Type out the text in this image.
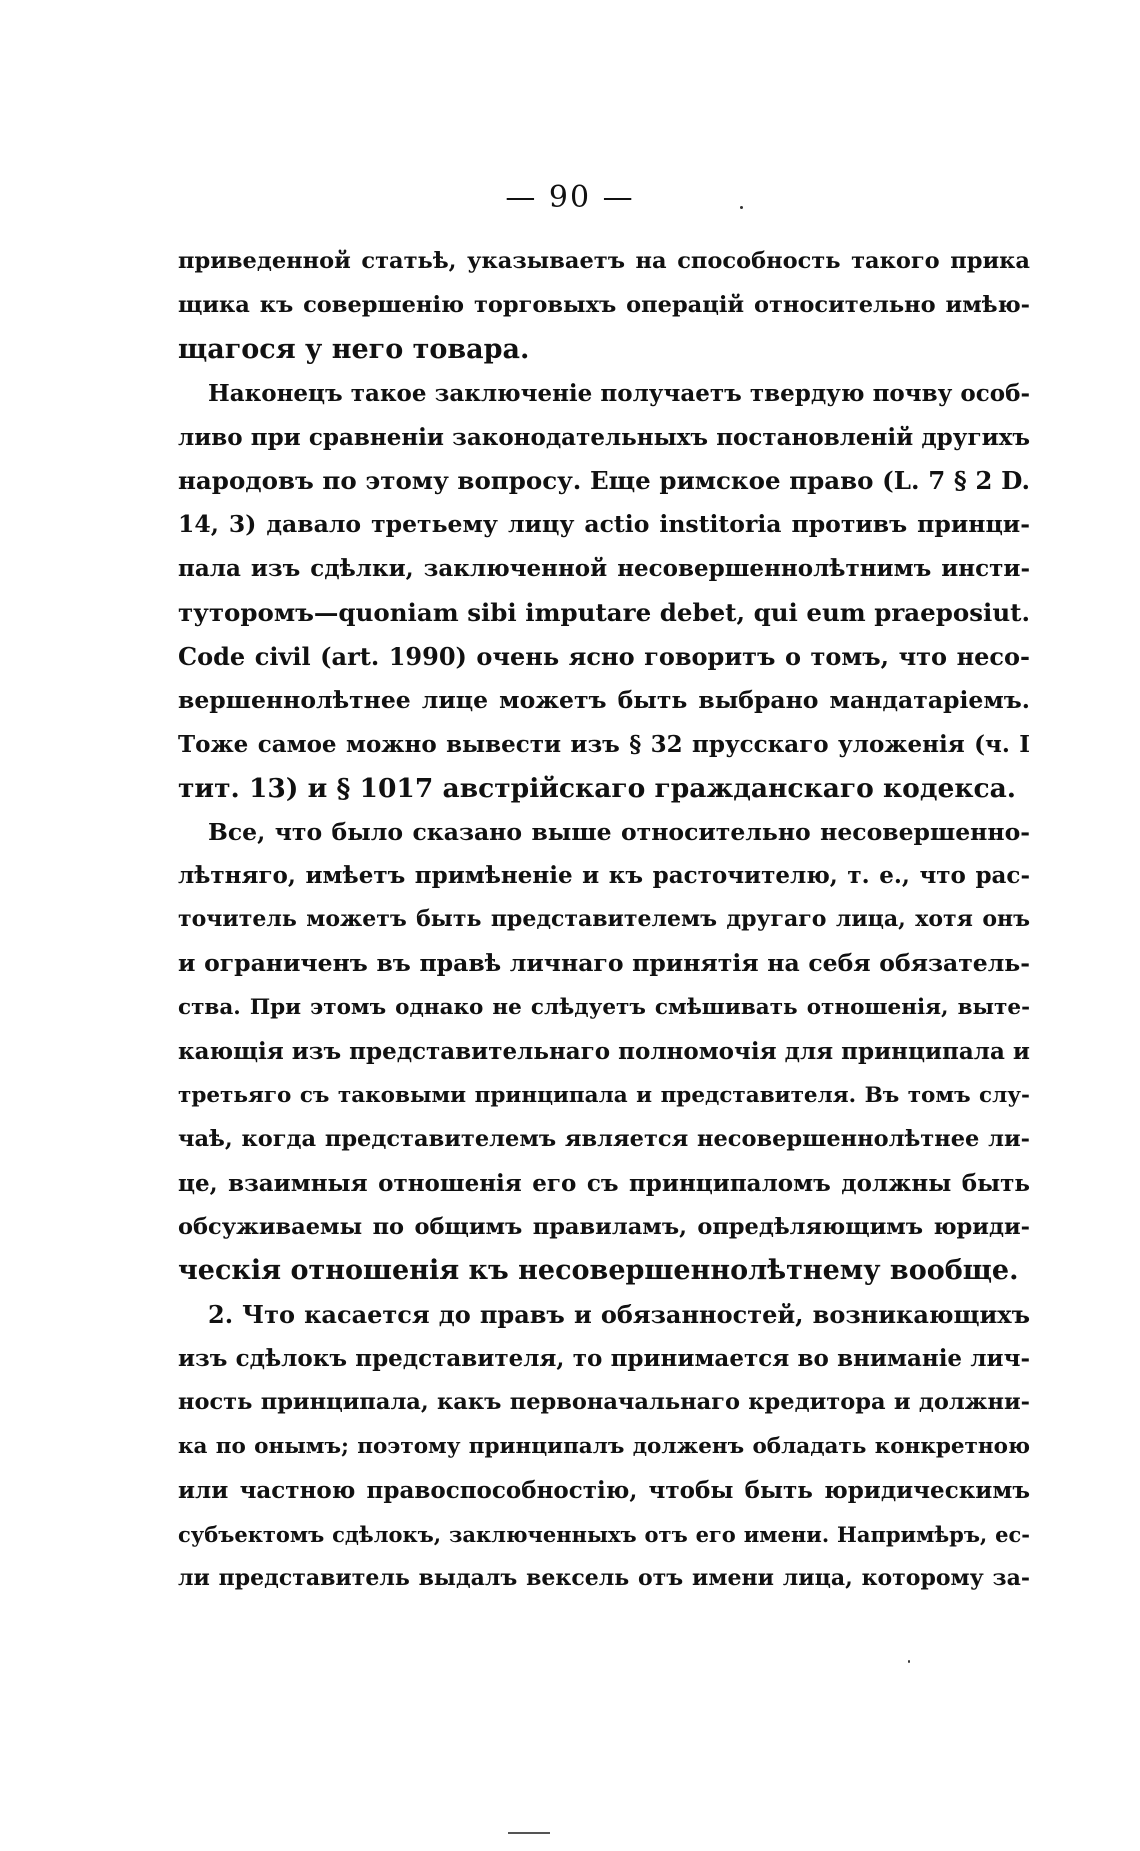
— 90 —
приведенной статьѣ, указываетъ на способность такого прика
щика къ совершенію торговыхъ операцій относительно имѣю-
щагося у него товара.
Наконецъ такое заключеніе получаетъ твердую почву особ-
ливо при сравненіи законодательныхъ постановленій другихъ
народовъ по этому вопросу. Еще римское право (L. 7 § 2 D.
14, 3) давало третьему лицу actio institoria противъ принци-
пала изъ сдѣлки, заключенной несовершеннолѣтнимъ инсти-
туторомъ—quoniam sibi imputare debet, qui eum praeposiut.
Code civil (art. 1990) очень ясно говоритъ о томъ, что несо-
вершеннолѣтнее лице можетъ быть выбрано мандатаріемъ.
Тоже самое можно вывести изъ § 32 прусскаго уложенія (ч. I
тит. 13) и § 1017 австрійскаго гражданскаго кодекса.
Все, что было сказано выше относительно несовершенно-
лѣтняго, имѣетъ примѣненіе и къ расточителю, т. е., что рас-
точитель можетъ быть представителемъ другаго лица, хотя онъ
и ограниченъ въ правѣ личнаго принятія на себя обязатель-
ства. При этомъ однако не слѣдуетъ смѣшивать отношенія, выте-
кающія изъ представительнаго полномочія для принципала и
третьяго съ таковыми принципала и представителя. Въ томъ слу-
чаѣ, когда представителемъ является несовершеннолѣтнее ли-
це, взаимныя отношенія его съ принципаломъ должны быть
обсуживаемы по общимъ правиламъ, опредѣляющимъ юриди-
ческія отношенія къ несовершеннолѣтнему вообще.
2. Что касается до правъ и обязанностей, возникающихъ
изъ сдѣлокъ представителя, то принимается во вниманіе лич-
ность принципала, какъ первоначальнаго кредитора и должни-
ка по онымъ; поэтому принципалъ долженъ обладать конкретною
или частною правоспособностію, чтобы быть юридическимъ
субъектомъ сдѣлокъ, заключенныхъ отъ его имени. Напримѣръ, ес-
ли представитель выдалъ вексель отъ имени лица, которому за-
